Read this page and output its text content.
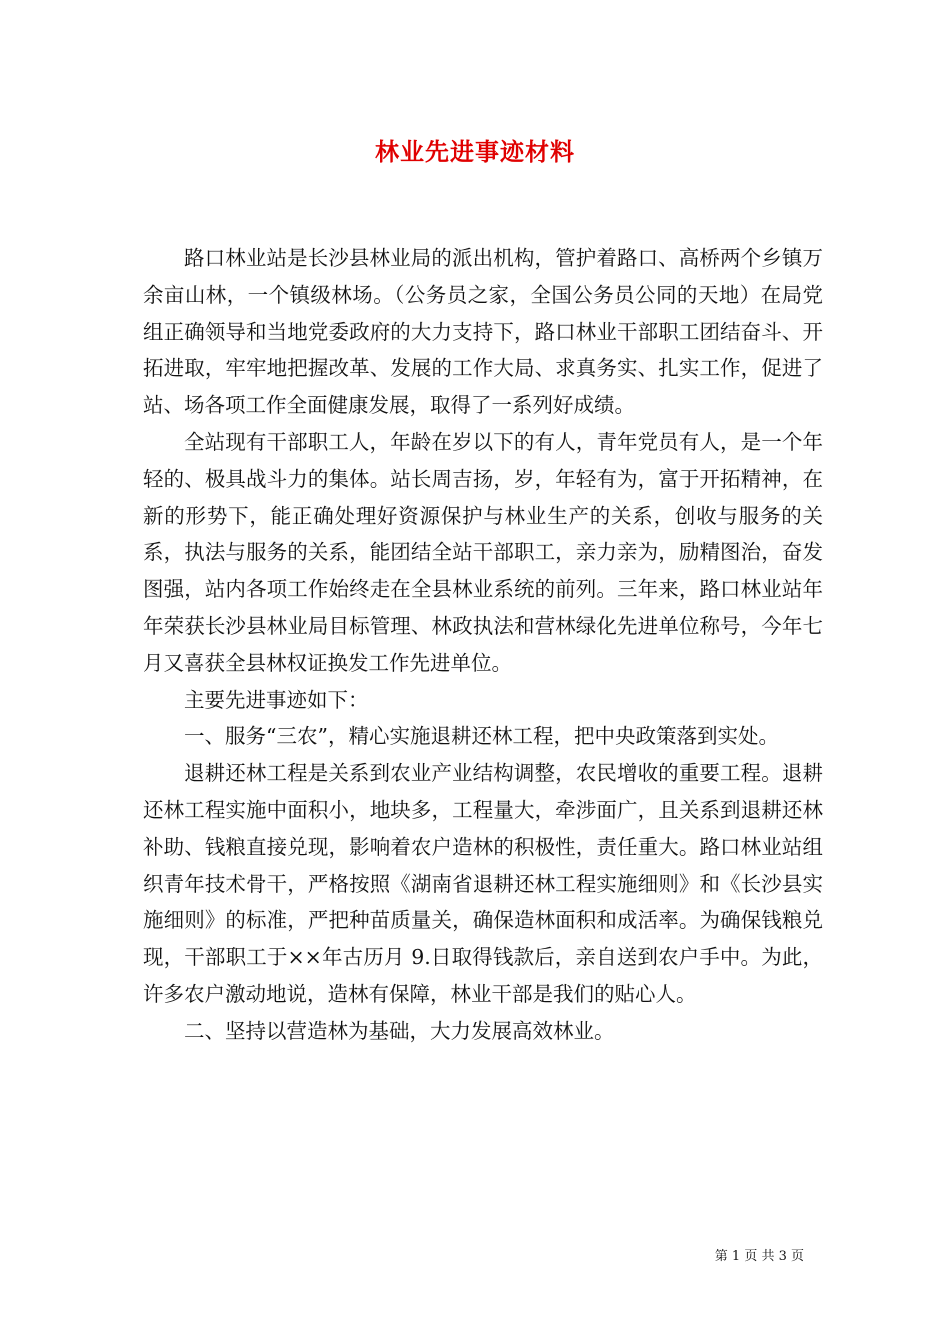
林业先进事迹材料

路口林业站是长沙县林业局的派出机构，管护着路口、高桥两个乡镇万余亩山林，一个镇级林场。（公务员之家，全国公务员公同的天地）在局党组正确领导和当地党委政府的大力支持下，路口林业干部职工团结奋斗、开拓进取，牢牢地把握改革、发展的工作大局、求真务实、扎实工作，促进了站、场各项工作全面健康发展，取得了一系列好成绩。

全站现有干部职工人，年龄在岁以下的有人，青年党员有人，是一个年轻的、极具战斗力的集体。站长周吉扬，岁，年轻有为，富于开拓精神，在新的形势下，能正确处理好资源保护与林业生产的关系，创收与服务的关系，执法与服务的关系，能团结全站干部职工，亲力亲为，励精图治，奋发图强，站内各项工作始终走在全县林业系统的前列。三年来，路口林业站年年荣获长沙县林业局目标管理、林政执法和营林绿化先进单位称号，今年七月又喜获全县林权证换发工作先进单位。

主要先进事迹如下：

一、服务“三农”，精心实施退耕还林工程，把中央政策落到实处。

退耕还林工程是关系到农业产业结构调整，农民增收的重要工程。退耕还林工程实施中面积小，地块多，工程量大，牵涉面广，且关系到退耕还林补助、钱粮直接兑现，影响着农户造林的积极性，责任重大。路口林业站组织青年技术骨干，严格按照《湖南省退耕还林工程实施细则》和《长沙县实施细则》的标准，严把种苗质量关，确保造林面积和成活率。为确保钱粮兑现，干部职工于××年古历月 9.日取得钱款后，亲自送到农户手中。为此，许多农户激动地说，造林有保障，林业干部是我们的贴心人。

二、坚持以营造林为基础，大力发展高效林业。

第 1 页 共 3 页
